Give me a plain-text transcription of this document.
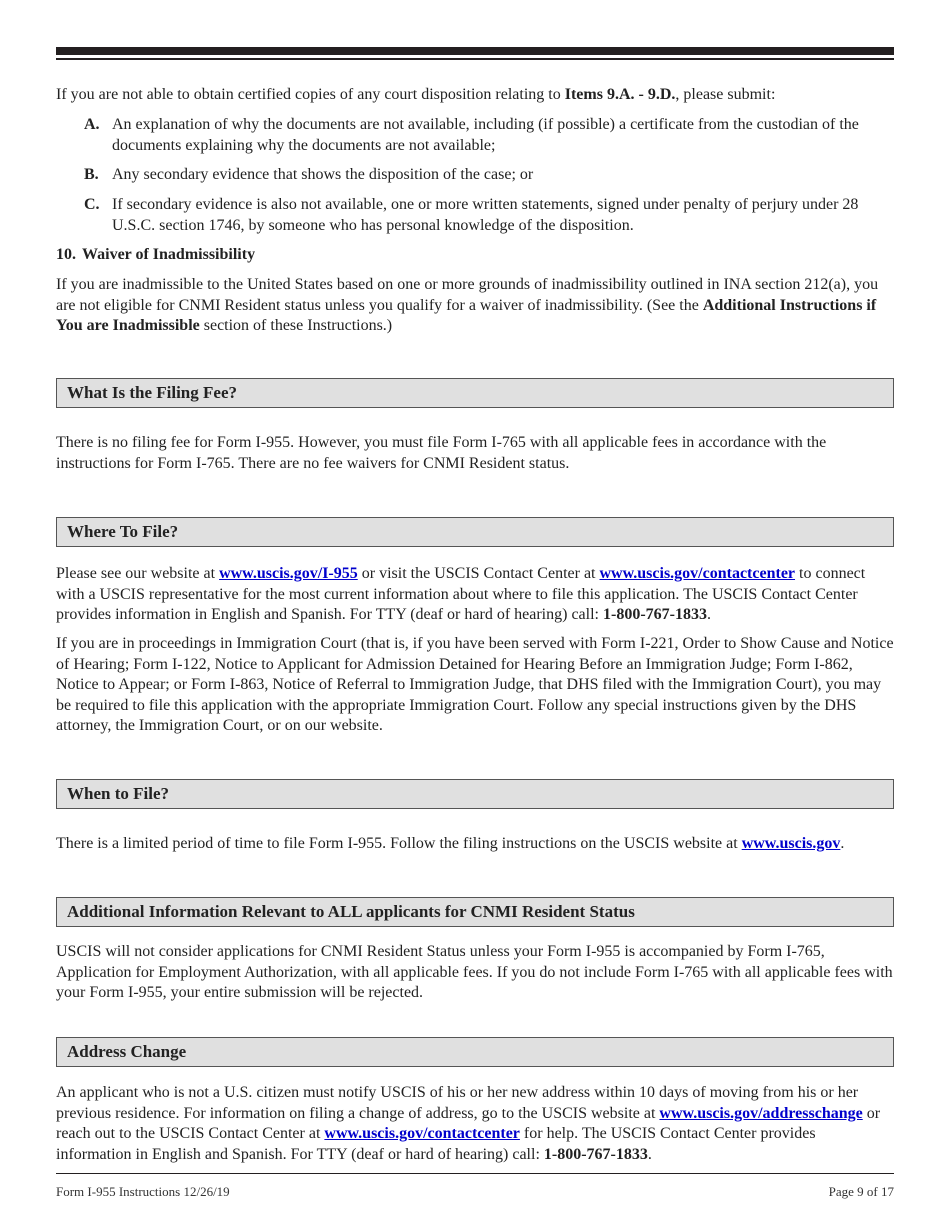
If you are not able to obtain certified copies of any court disposition relating to Items 9.A. - 9.D., please submit:

A. An explanation of why the documents are not available, including (if possible) a certificate from the custodian of the documents explaining why the documents are not available;
B. Any secondary evidence that shows the disposition of the case; or
C. If secondary evidence is also not available, one or more written statements, signed under penalty of perjury under 28 U.S.C. section 1746, by someone who has personal knowledge of the disposition.
10. Waiver of Inadmissibility

If you are inadmissible to the United States based on one or more grounds of inadmissibility outlined in INA section 212(a), you are not eligible for CNMI Resident status unless you qualify for a waiver of inadmissibility. (See the Additional Instructions if You are Inadmissible section of these Instructions.)

What Is the Filing Fee?

There is no filing fee for Form I-955. However, you must file Form I-765 with all applicable fees in accordance with the instructions for Form I-765. There are no fee waivers for CNMI Resident status.

Where To File?

Please see our website at www.uscis.gov/I-955 or visit the USCIS Contact Center at www.uscis.gov/contactcenter to connect with a USCIS representative for the most current information about where to file this application. The USCIS Contact Center provides information in English and Spanish. For TTY (deaf or hard of hearing) call: 1-800-767-1833.

If you are in proceedings in Immigration Court (that is, if you have been served with Form I-221, Order to Show Cause and Notice of Hearing; Form I-122, Notice to Applicant for Admission Detained for Hearing Before an Immigration Judge; Form I-862, Notice to Appear; or Form I-863, Notice of Referral to Immigration Judge, that DHS filed with the Immigration Court), you may be required to file this application with the appropriate Immigration Court. Follow any special instructions given by the DHS attorney, the Immigration Court, or on our website.

When to File?

There is a limited period of time to file Form I-955. Follow the filing instructions on the USCIS website at www.uscis.gov.

Additional Information Relevant to ALL applicants for CNMI Resident Status

USCIS will not consider applications for CNMI Resident Status unless your Form I-955 is accompanied by Form I-765, Application for Employment Authorization, with all applicable fees. If you do not include Form I-765 with all applicable fees with your Form I-955, your entire submission will be rejected.

Address Change

An applicant who is not a U.S. citizen must notify USCIS of his or her new address within 10 days of moving from his or her previous residence. For information on filing a change of address, go to the USCIS website at www.uscis.gov/addresschange or reach out to the USCIS Contact Center at www.uscis.gov/contactcenter for help. The USCIS Contact Center provides information in English and Spanish. For TTY (deaf or hard of hearing) call: 1-800-767-1833.

Form I-955 Instructions 12/26/19	Page 9 of 17
